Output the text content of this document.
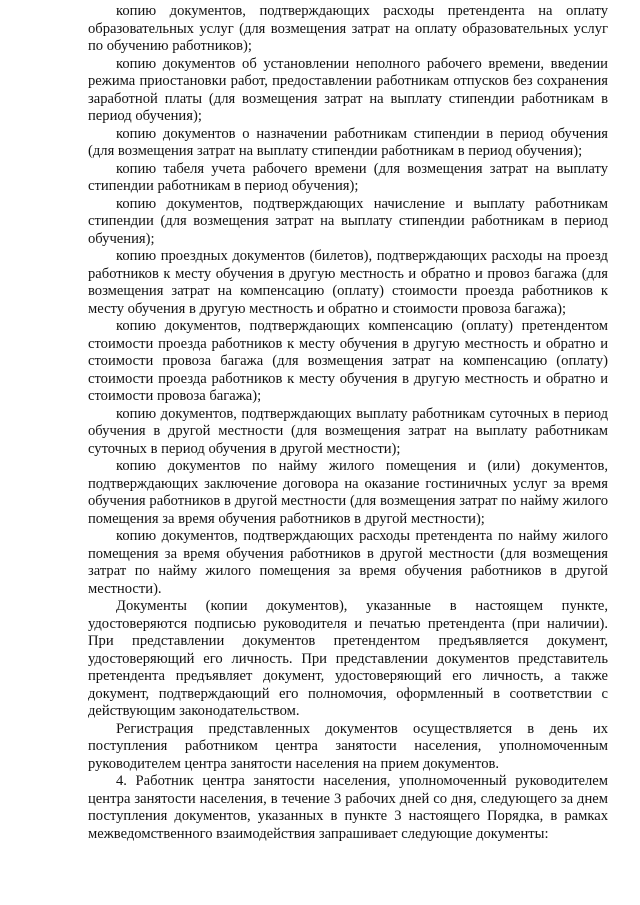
копию документов, подтверждающих расходы претендента на оплату образовательных услуг (для возмещения затрат на оплату образовательных услуг по обучению работников);

копию документов об установлении неполного рабочего времени, введении режима приостановки работ, предоставлении работникам отпусков без сохранения заработной платы (для возмещения затрат на выплату стипендии работникам в период обучения);

копию документов о назначении работникам стипендии в период обучения (для возмещения затрат на выплату стипендии работникам в период обучения);

копию табеля учета рабочего времени (для возмещения затрат на выплату стипендии работникам в период обучения);

копию документов, подтверждающих начисление и выплату работникам стипендии (для возмещения затрат на выплату стипендии работникам в период обучения);

копию проездных документов (билетов), подтверждающих расходы на проезд работников к месту обучения в другую местность и обратно и провоз багажа (для возмещения затрат на компенсацию (оплату) стоимости проезда работников к месту обучения в другую местность и обратно и стоимости провоза багажа);

копию документов, подтверждающих компенсацию (оплату) претендентом стоимости проезда работников к месту обучения в другую местность и обратно и стоимости провоза багажа (для возмещения затрат на компенсацию (оплату) стоимости проезда работников к месту обучения в другую местность и обратно и стоимости провоза багажа);

копию документов, подтверждающих выплату работникам суточных в период обучения в другой местности (для возмещения затрат на выплату работникам суточных в период обучения в другой местности);

копию документов по найму жилого помещения и (или) документов, подтверждающих заключение договора на оказание гостиничных услуг за время обучения работников в другой местности (для возмещения затрат по найму жилого помещения за время обучения работников в другой местности);

копию документов, подтверждающих расходы претендента по найму жилого помещения за время обучения работников в другой местности (для возмещения затрат по найму жилого помещения за время обучения работников в другой местности).

Документы (копии документов), указанные в настоящем пункте, удостоверяются подписью руководителя и печатью претендента (при наличии). При представлении документов претендентом предъявляется документ, удостоверяющий его личность. При представлении документов представитель претендента предъявляет документ, удостоверяющий его личность, а также документ, подтверждающий его полномочия, оформленный в соответствии с действующим законодательством.

Регистрация представленных документов осуществляется в день их поступления работником центра занятости населения, уполномоченным руководителем центра занятости населения на прием документов.

4. Работник центра занятости населения, уполномоченный руководителем центра занятости населения, в течение 3 рабочих дней со дня, следующего за днем поступления документов, указанных в пункте 3 настоящего Порядка, в рамках межведомственного взаимодействия запрашивает следующие документы:
